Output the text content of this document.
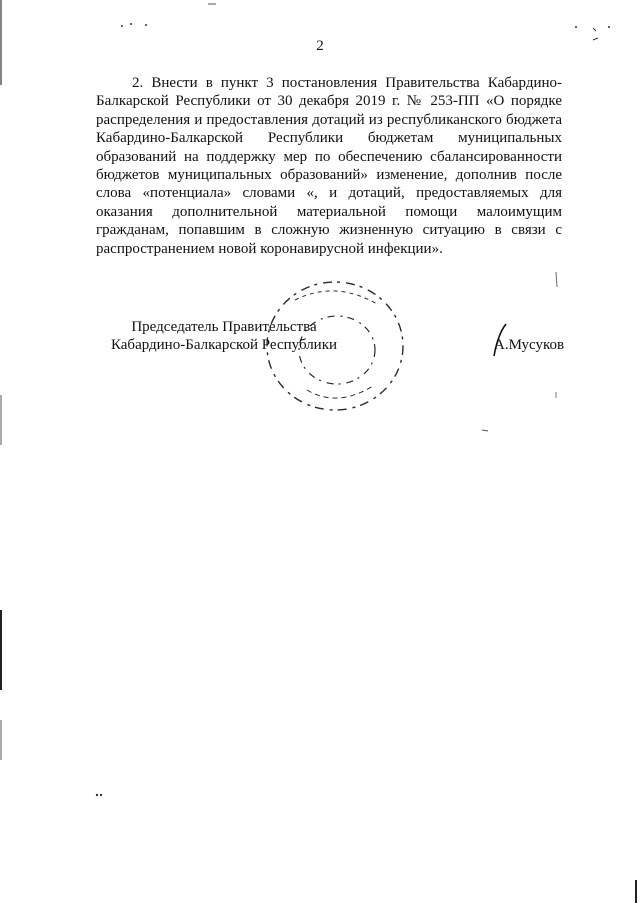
2

2. Внести в пункт 3 постановления Правительства Кабардино-Балкарской Республики от 30 декабря 2019 г. № 253-ПП «О порядке распределения и предоставления дотаций из республиканского бюджета Кабардино-Балкарской Республики бюджетам муниципальных образований на поддержку мер по обеспечению сбалансированности бюджетов муниципальных образований» изменение, дополнив после слова «потенциала» словами «, и дотаций, предоставляемых для оказания дополнительной материальной помощи малоимущим гражданам, попавшим в сложную жизненную ситуацию в связи с распространением новой коронавирусной инфекции».

Председатель Правительства
Кабардино-Балкарской Республики	А.Мусуков
